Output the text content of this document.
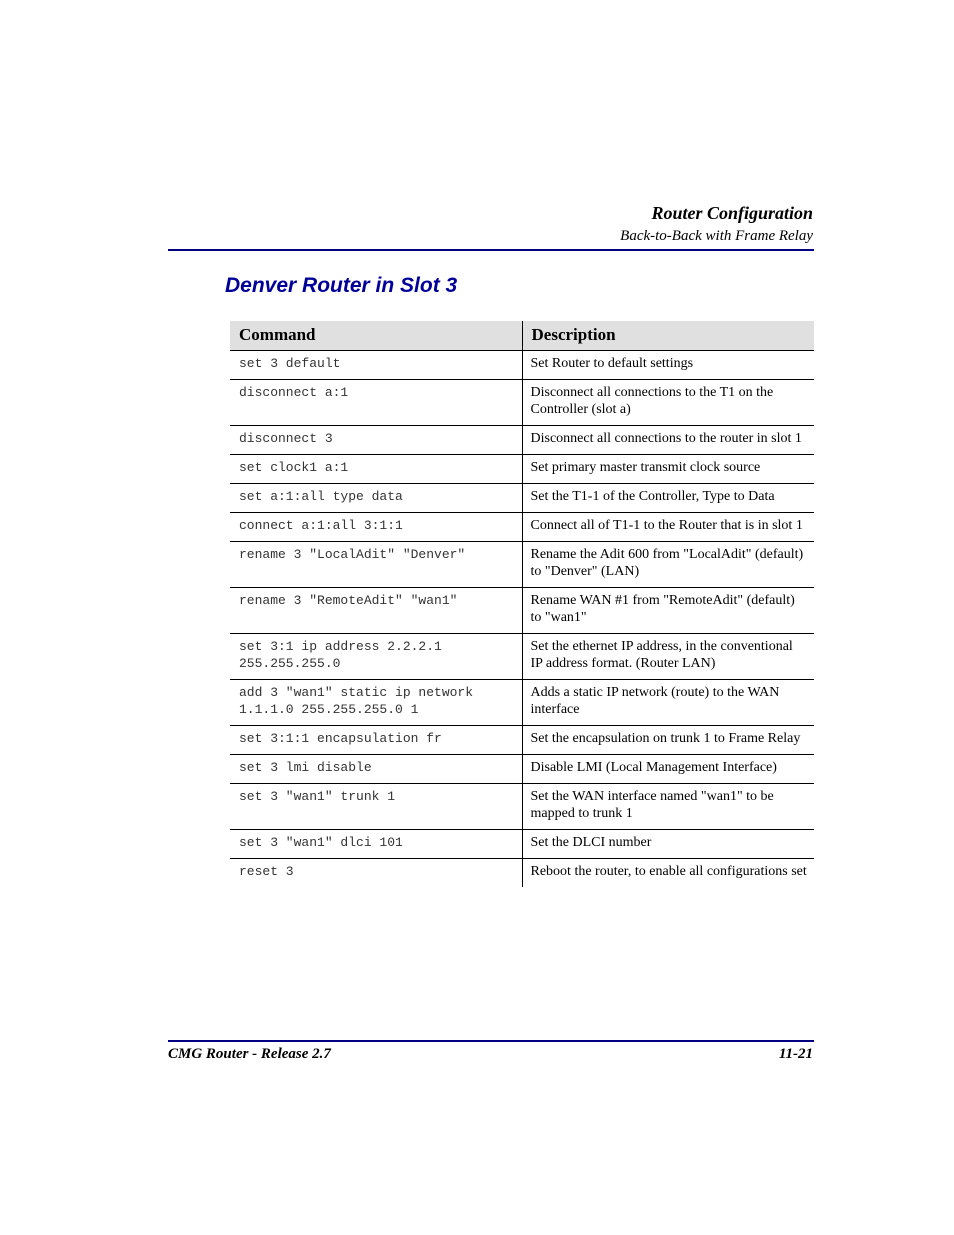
Router Configuration
Back-to-Back with Frame Relay
Denver Router in Slot 3
Command	Description
set 3 default	Set Router to default settings
disconnect a:1	Disconnect all connections to the T1 on the Controller (slot a)
disconnect 3	Disconnect all connections to the router in slot 1
set clock1 a:1	Set primary master transmit clock source
set a:1:all type data	Set the T1-1 of the Controller, Type to Data
connect a:1:all 3:1:1	Connect all of T1-1 to the Router that is in slot 1
rename 3 "LocalAdit" "Denver"	Rename the Adit 600 from "LocalAdit" (default) to "Denver" (LAN)
rename 3 "RemoteAdit" "wan1"	Rename WAN #1 from "RemoteAdit" (default) to "wan1"
set 3:1 ip address 2.2.2.1 255.255.255.0	Set the ethernet IP address, in the conventional IP address format. (Router LAN)
add 3 "wan1" static ip network 1.1.1.0 255.255.255.0 1	Adds a static IP network (route) to the WAN interface
set 3:1:1 encapsulation fr	Set the encapsulation on trunk 1 to Frame Relay
set 3 lmi disable	Disable LMI (Local Management Interface)
set 3 "wan1" trunk 1	Set the WAN interface named "wan1" to be mapped to trunk 1
set 3 "wan1" dlci 101	Set the DLCI number
reset 3	Reboot the router, to enable all configurations set
CMG Router - Release 2.7	11-21
